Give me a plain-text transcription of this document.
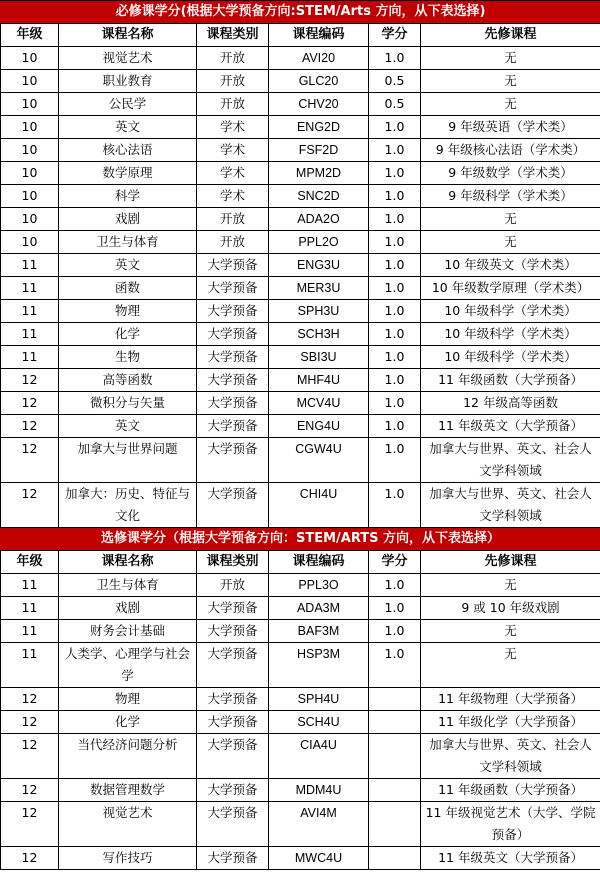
必修课学分(根据大学预备方向:STEM/Arts 方向，从下表选择)					
年级	课程名称	课程类别	课程编码	学分	先修课程
10	视觉艺术	开放	AVI20	1.0	无
10	职业教育	开放	GLC20	0.5	无
10	公民学	开放	CHV20	0.5	无
10	英文	学术	ENG2D	1.0	9 年级英语（学术类）
10	核心法语	学术	FSF2D	1.0	9 年级核心法语（学术类）
10	数学原理	学术	MPM2D	1.0	9 年级数学（学术类）
10	科学	学术	SNC2D	1.0	9 年级科学（学术类）
10	戏剧	开放	ADA2O	1.0	无
10	卫生与体育	开放	PPL2O	1.0	无
11	英文	大学预备	ENG3U	1.0	10 年级英文（学术类）
11	函数	大学预备	MER3U	1.0	10 年级数学原理（学术类）
11	物理	大学预备	SPH3U	1.0	10 年级科学（学术类）
11	化学	大学预备	SCH3H	1.0	10 年级科学（学术类）
11	生物	大学预备	SBI3U	1.0	10 年级科学（学术类）
12	高等函数	大学预备	MHF4U	1.0	11 年级函数（大学预备）
12	微积分与矢量	大学预备	MCV4U	1.0	12 年级高等函数
12	英文	大学预备	ENG4U	1.0	11 年级英文（大学预备）
12	加拿大与世界问题	大学预备	CGW4U	1.0	加拿大与世界、英文、社会人文学科领域
12	加拿大：历史、特征与文化	大学预备	CHI4U	1.0	加拿大与世界、英文、社会人文学科领域
选修课学分（根据大学预备方向：STEM/ARTS 方向，从下表选择）					
年级	课程名称	课程类别	课程编码	学分	先修课程
11	卫生与体育	开放	PPL3O	1.0	无
11	戏剧	大学预备	ADA3M	1.0	9 或 10 年级戏剧
11	财务会计基础	大学预备	BAF3M	1.0	无
11	人类学、心理学与社会学	大学预备	HSP3M	1.0	无
12	物理	大学预备	SPH4U		11 年级物理（大学预备）
12	化学	大学预备	SCH4U		11 年级化学（大学预备）
12	当代经济问题分析	大学预备	CIA4U		加拿大与世界、英文、社会人文学科领域
12	数据管理数学	大学预备	MDM4U		11 年级函数（大学预备）
12	视觉艺术	大学预备	AVI4M		11 年级视觉艺术（大学、学院预备）
12	写作技巧	大学预备	MWC4U		11 年级英文（大学预备）
